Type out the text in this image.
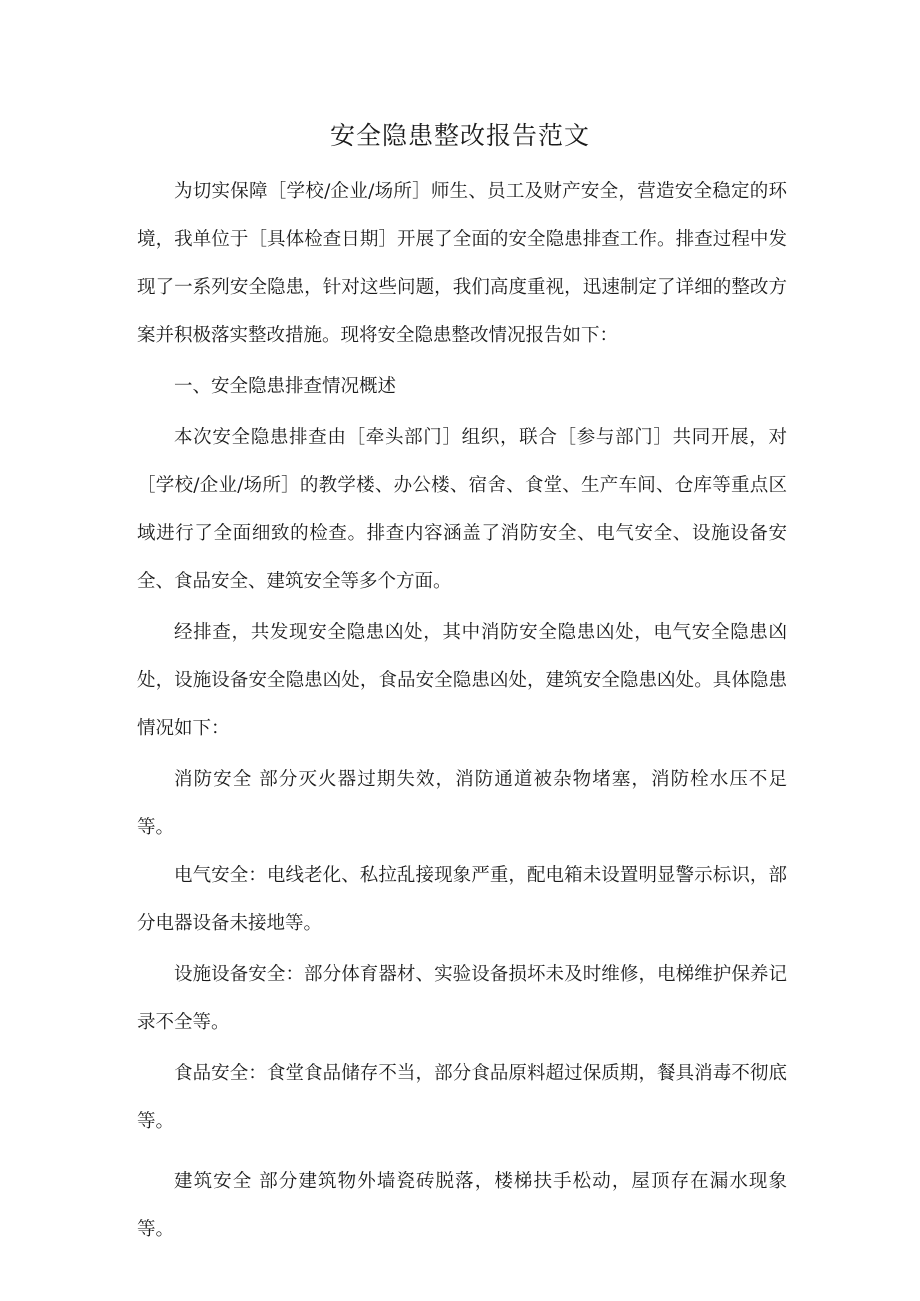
安全隐患整改报告范文

为切实保障［学校/企业/场所］师生、员工及财产安全，营造安全稳定的环境，我单位于［具体检查日期］开展了全面的安全隐患排查工作。排查过程中发现了一系列安全隐患，针对这些问题，我们高度重视，迅速制定了详细的整改方案并积极落实整改措施。现将安全隐患整改情况报告如下：

一、安全隐患排查情况概述

本次安全隐患排查由［牵头部门］组织，联合［参与部门］共同开展，对［学校/企业/场所］的教学楼、办公楼、宿舍、食堂、生产车间、仓库等重点区域进行了全面细致的检查。排查内容涵盖了消防安全、电气安全、设施设备安全、食品安全、建筑安全等多个方面。

经排查，共发现安全隐患凶处，其中消防安全隐患凶处，电气安全隐患凶处，设施设备安全隐患凶处，食品安全隐患凶处，建筑安全隐患凶处。具体隐患情况如下：

消防安全 部分灭火器过期失效，消防通道被杂物堵塞，消防栓水压不足等。

电气安全：电线老化、私拉乱接现象严重，配电箱未设置明显警示标识，部分电器设备未接地等。

设施设备安全：部分体育器材、实验设备损坏未及时维修，电梯维护保养记录不全等。

食品安全：食堂食品储存不当，部分食品原料超过保质期，餐具消毒不彻底等。

建筑安全 部分建筑物外墙瓷砖脱落，楼梯扶手松动，屋顶存在漏水现象等。
